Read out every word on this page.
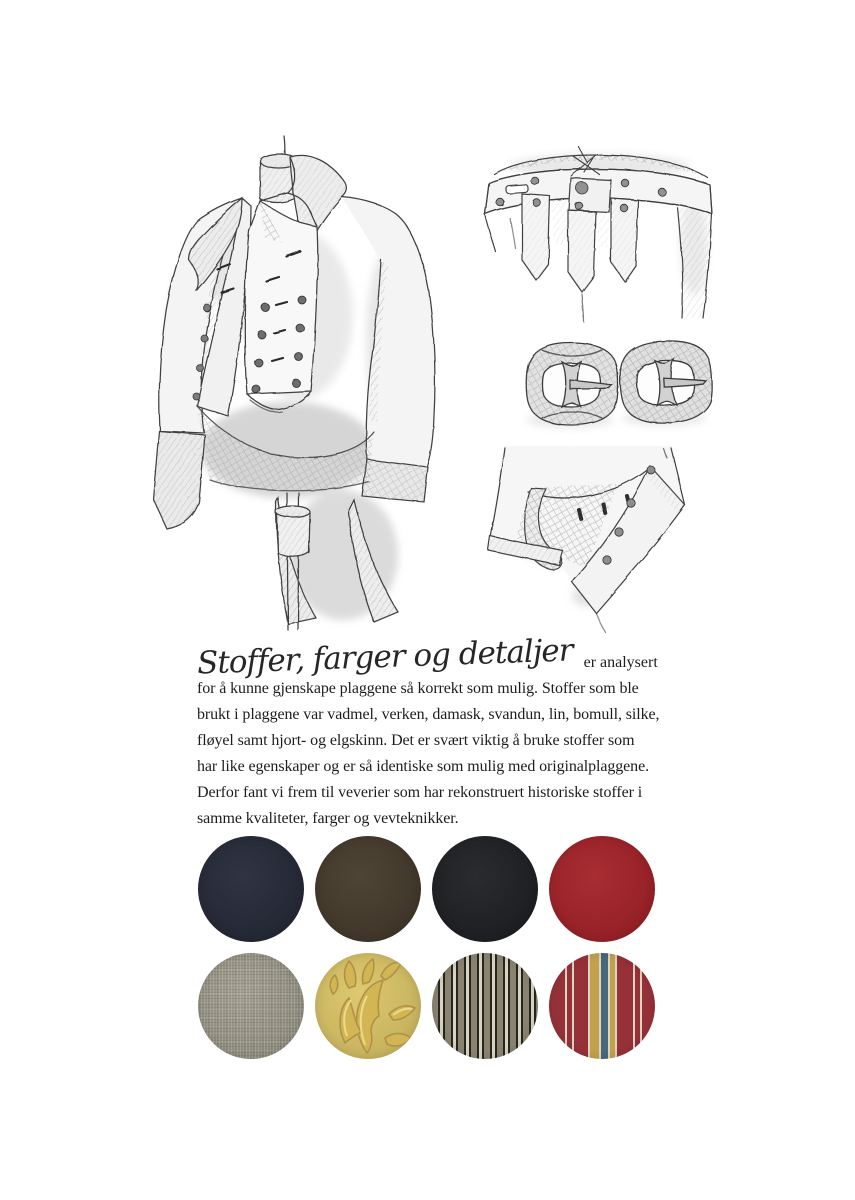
Stoffer, farger og detaljer er analysert
for å kunne gjenskape plaggene så korrekt som mulig. Stoffer som ble
brukt i plaggene var vadmel, verken, damask, svandun, lin, bomull, silke,
fløyel samt hjort- og elgskinn. Det er svært viktig å bruke stoffer som
har like egenskaper og er så identiske som mulig med originalplaggene.
Derfor fant vi frem til veverier som har rekonstruert historiske stoffer i
samme kvaliteter, farger og vevteknikker.
